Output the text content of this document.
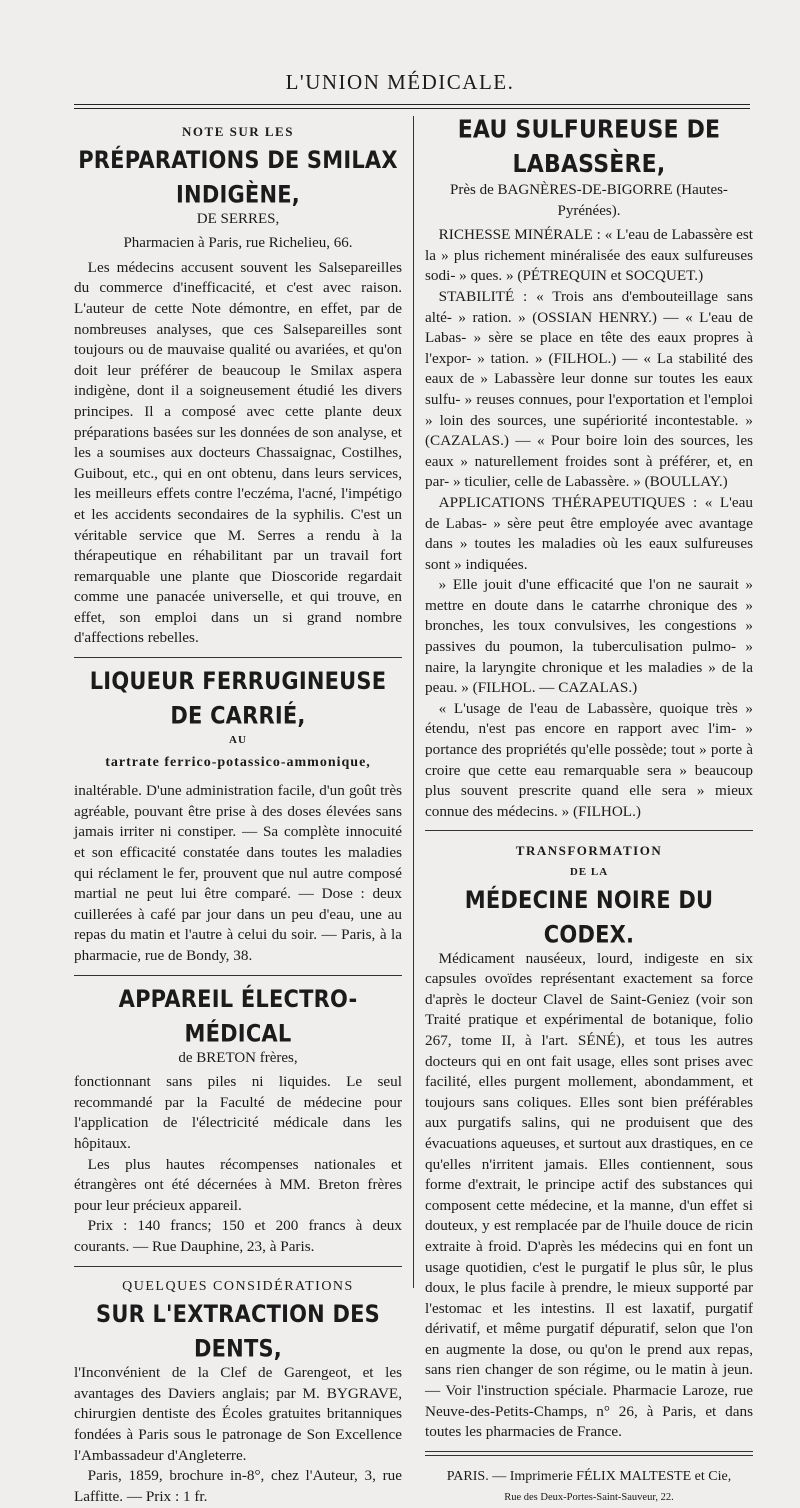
L'UNION MÉDICALE.
NOTE SUR LES
PRÉPARATIONS DE SMILAX INDIGÈNE,
DE SERRES,
Pharmacien à Paris, rue Richelieu, 66.

Les médecins accusent souvent les Salsepareilles du commerce d'inefficacité, et c'est avec raison. L'auteur de cette Note démontre, en effet, par de nombreuses analyses, que ces Salsepareilles sont toujours ou de mauvaise qualité ou avariées, et qu'on doit leur préférer de beaucoup le Smilax aspera indigène, dont il a soigneusement étudié les divers principes. Il a composé avec cette plante deux préparations basées sur les données de son analyse, et les a soumises aux docteurs Chassaignac, Costilhes, Guibout, etc., qui en ont obtenu, dans leurs services, les meilleurs effets contre l'eczéma, l'acné, l'impétigo et les accidents secondaires de la syphilis. C'est un véritable service que M. Serres a rendu à la thérapeutique en réhabilitant par un travail fort remarquable une plante que Dioscoride regardait comme une panacée universelle, et qui trouve, en effet, son emploi dans un si grand nombre d'affections rebelles.

LIQUEUR FERRUGINEUSE DE CARRIÉ,
AU
tartrate ferrico-potassico-ammonique,

inaltérable. D'une administration facile, d'un goût très agréable, pouvant être prise à des doses élevées sans jamais irriter ni constiper. — Sa complète innocuité et son efficacité constatée dans toutes les maladies qui réclament le fer, prouvent que nul autre composé martial ne peut lui être comparé. — Dose : deux cuillerées à café par jour dans un peu d'eau, une au repas du matin et l'autre à celui du soir. — Paris, à la pharmacie, rue de Bondy, 38.

APPAREIL ÉLECTRO-MÉDICAL
de BRETON frères,

fonctionnant sans piles ni liquides. Le seul recommandé par la Faculté de médecine pour l'application de l'électricité médicale dans les hôpitaux.

Les plus hautes récompenses nationales et étrangères ont été décernées à MM. Breton frères pour leur précieux appareil.

Prix : 140 francs; 150 et 200 francs à deux courants. — Rue Dauphine, 23, à Paris.

QUELQUES CONSIDÉRATIONS
SUR L'EXTRACTION DES DENTS,

l'Inconvénient de la Clef de Garengeot, et les avantages des Daviers anglais; par M. BYGRAVE, chirurgien dentiste des Écoles gratuites britanniques fondées à Paris sous le patronage de Son Excellence l'Ambassadeur d'Angleterre.

Paris, 1859, brochure in-8°, chez l'Auteur, 3, rue Laffitte. — Prix : 1 fr.

EAU SULFUREUSE DE LABASSÈRE,
Près de BAGNÈRES-DE-BIGORRE (Hautes-Pyrénées).

RICHESSE MINÉRALE : « L'eau de Labassère est la » plus richement minéralisée des eaux sulfureuses sodi- » ques. » (PÉTREQUIN et SOCQUET.)

STABILITÉ : « Trois ans d'embouteillage sans alté- » ration. » (OSSIAN HENRY.) — « L'eau de Labas- » sère se place en tête des eaux propres à l'expor- » tation. » (FILHOL.) — « La stabilité des eaux de » Labassère leur donne sur toutes les eaux sulfu- » reuses connues, pour l'exportation et l'emploi » loin des sources, une supériorité incontestable. » (CAZALAS.) — « Pour boire loin des sources, les eaux » naturellement froides sont à préférer, et, en par- » ticulier, celle de Labassère. » (BOULLAY.)

APPLICATIONS THÉRAPEUTIQUES : « L'eau de Labas- » sère peut être employée avec avantage dans » toutes les maladies où les eaux sulfureuses sont » indiquées.

» Elle jouit d'une efficacité que l'on ne saurait » mettre en doute dans le catarrhe chronique des » bronches, les toux convulsives, les congestions » passives du poumon, la tuberculisation pulmo- » naire, la laryngite chronique et les maladies » de la peau. » (FILHOL. — CAZALAS.)

« L'usage de l'eau de Labassère, quoique très » étendu, n'est pas encore en rapport avec l'im- » portance des propriétés qu'elle possède; tout » porte à croire que cette eau remarquable sera » beaucoup plus souvent prescrite quand elle sera » mieux connue des médecins. » (FILHOL.)

TRANSFORMATION
DE LA
MÉDECINE NOIRE DU CODEX.

Médicament nauséeux, lourd, indigeste en six capsules ovoïdes représentant exactement sa force d'après le docteur Clavel de Saint-Geniez (voir son Traité pratique et expérimental de botanique, folio 267, tome II, à l'art. SÉNÉ), et tous les autres docteurs qui en ont fait usage, elles sont prises avec facilité, elles purgent mollement, abondamment, et toujours sans coliques. Elles sont bien préférables aux purgatifs salins, qui ne produisent que des évacuations aqueuses, et surtout aux drastiques, en ce qu'elles n'irritent jamais. Elles contiennent, sous forme d'extrait, le principe actif des substances qui composent cette médecine, et la manne, d'un effet si douteux, y est remplacée par de l'huile douce de ricin extraite à froid. D'après les médecins qui en font un usage quotidien, c'est le purgatif le plus sûr, le plus doux, le plus facile à prendre, le mieux supporté par l'estomac et les intestins. Il est laxatif, purgatif dérivatif, et même purgatif dépuratif, selon que l'on en augmente la dose, ou qu'on le prend aux repas, sans rien changer de son régime, ou le matin à jeun. — Voir l'instruction spéciale. Pharmacie Laroze, rue Neuve-des-Petits-Champs, n° 26, à Paris, et dans toutes les pharmacies de France.

PARIS. — Imprimerie FÉLIX MALTESTE et Cie,
Rue des Deux-Portes-Saint-Sauveur, 22.
